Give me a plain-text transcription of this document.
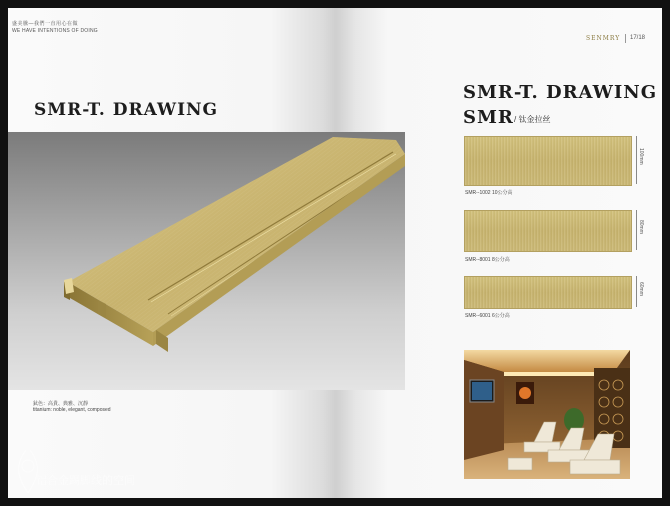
盛美騰—我們一直用心在做
WE HAVE INTENTIONS OF DOING
SMR-T. DRAWING
鈦色：高貴、典雅、沉靜
titanium: noble, elegant, composed
铝合金踢脚线的空间
...
SENMRY 17/18
SMR-T. DRAWING
SMR / 钛金拉丝
100mm
SMR--1002 10公分高
80mm
SMR--8001 8公分高
60mm
SMR--6001 6公分高
